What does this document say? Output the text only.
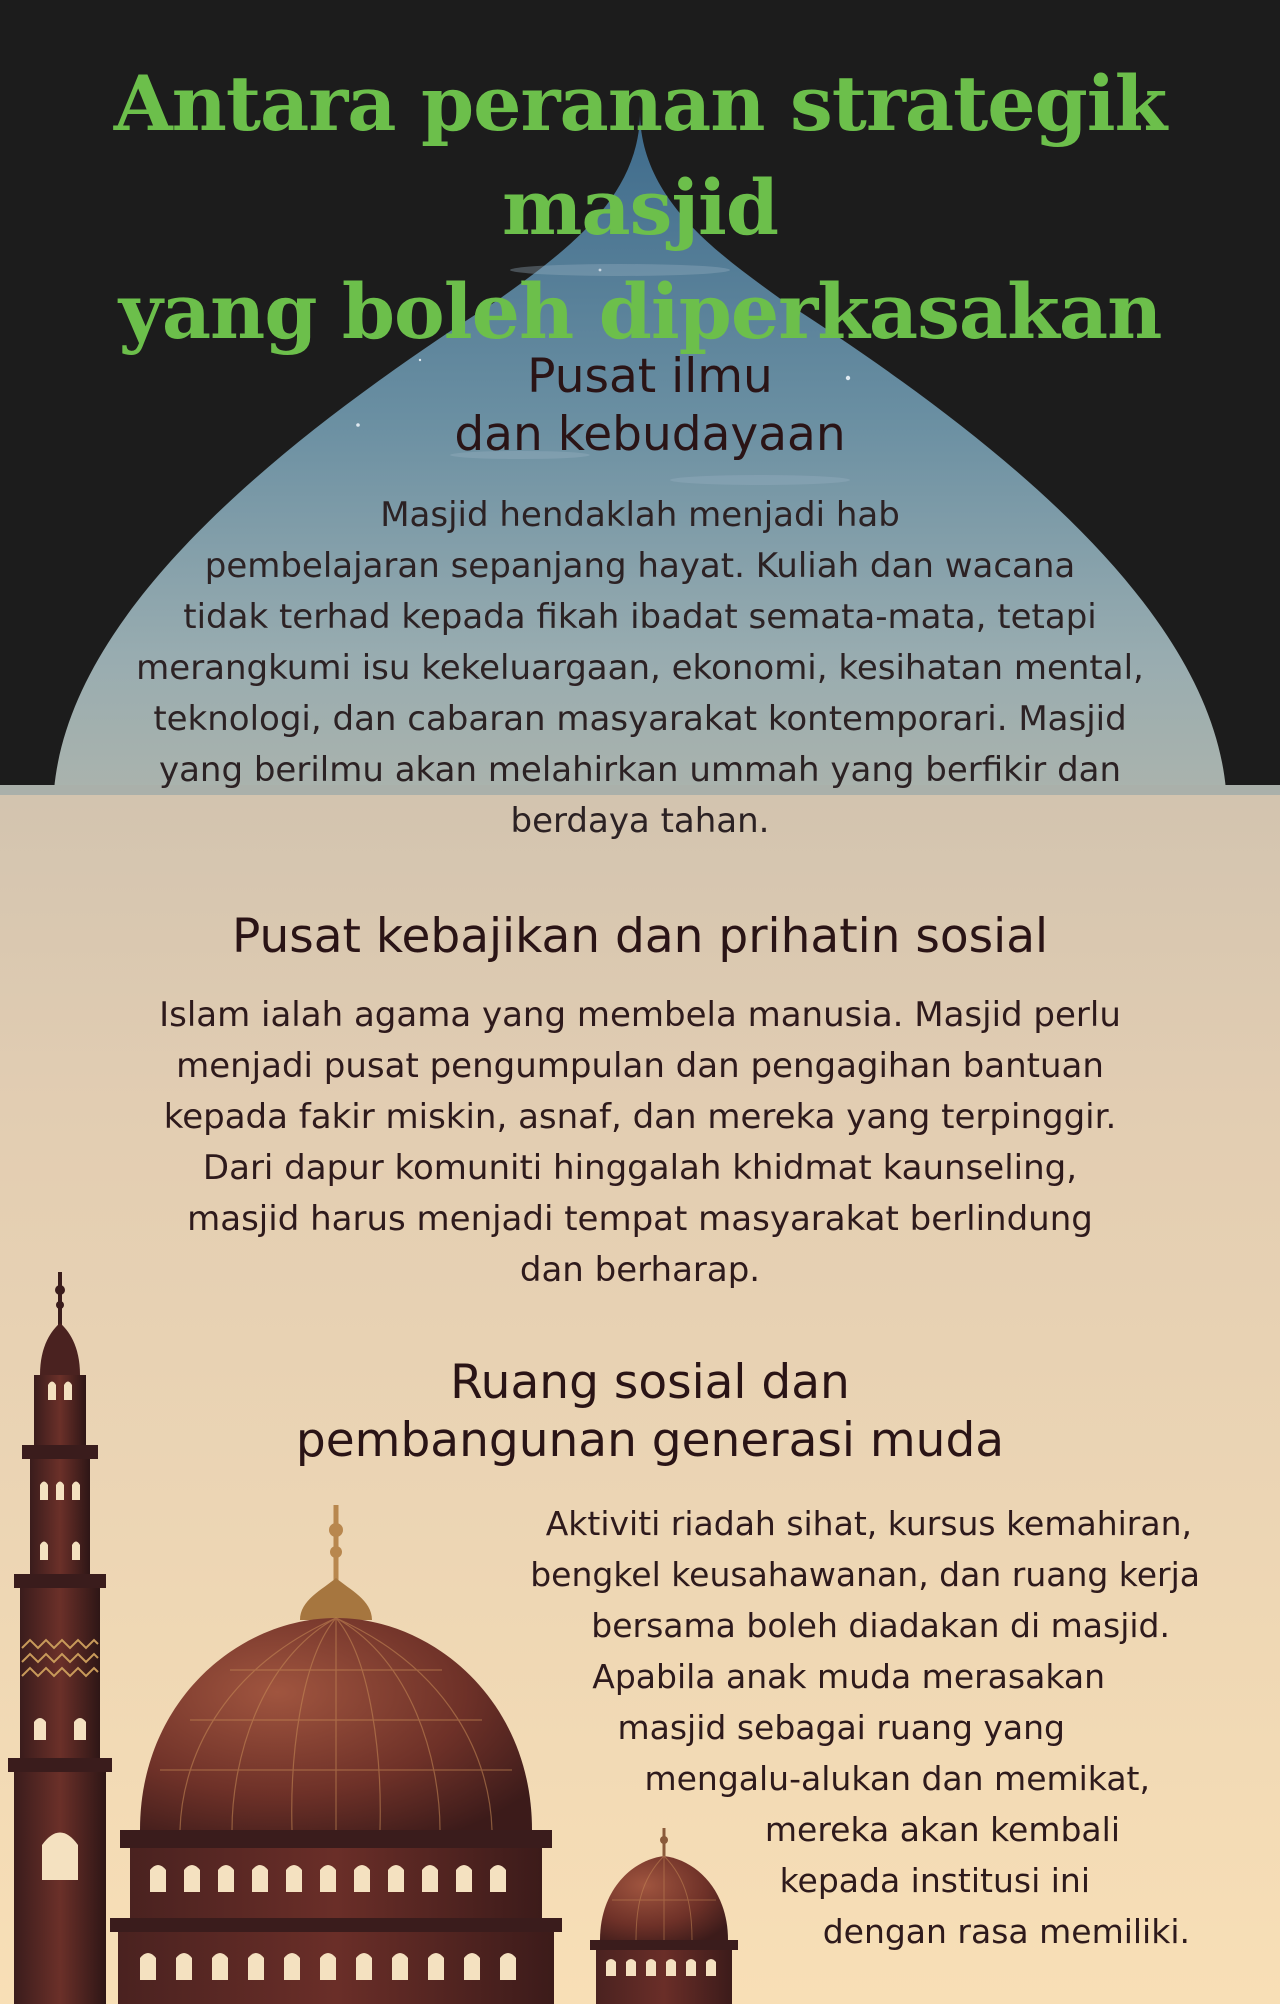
Antara peranan strategik masjid
yang boleh diperkasakan
Pusat ilmu
dan kebudayaan
Masjid hendaklah menjadi hab
pembelajaran sepanjang hayat. Kuliah dan wacana
tidak terhad kepada fikah ibadat semata-mata, tetapi
merangkumi isu kekeluargaan, ekonomi, kesihatan mental,
teknologi, dan cabaran masyarakat kontemporari. Masjid
yang berilmu akan melahirkan ummah yang berfikir dan
berdaya tahan.
Pusat kebajikan dan prihatin sosial
Islam ialah agama yang membela manusia. Masjid perlu
menjadi pusat pengumpulan dan pengagihan bantuan
kepada fakir miskin, asnaf, dan mereka yang terpinggir.
Dari dapur komuniti hinggalah khidmat kaunseling,
masjid harus menjadi tempat masyarakat berlindung
dan berharap.
Ruang sosial dan
pembangunan generasi muda
Aktiviti riadah sihat, kursus kemahiran,
bengkel keusahawanan, dan ruang kerja
bersama boleh diadakan di masjid.
Apabila anak muda merasakan
masjid sebagai ruang yang
mengalu-alukan dan memikat,
mereka akan kembali
kepada institusi ini
dengan rasa memiliki.
